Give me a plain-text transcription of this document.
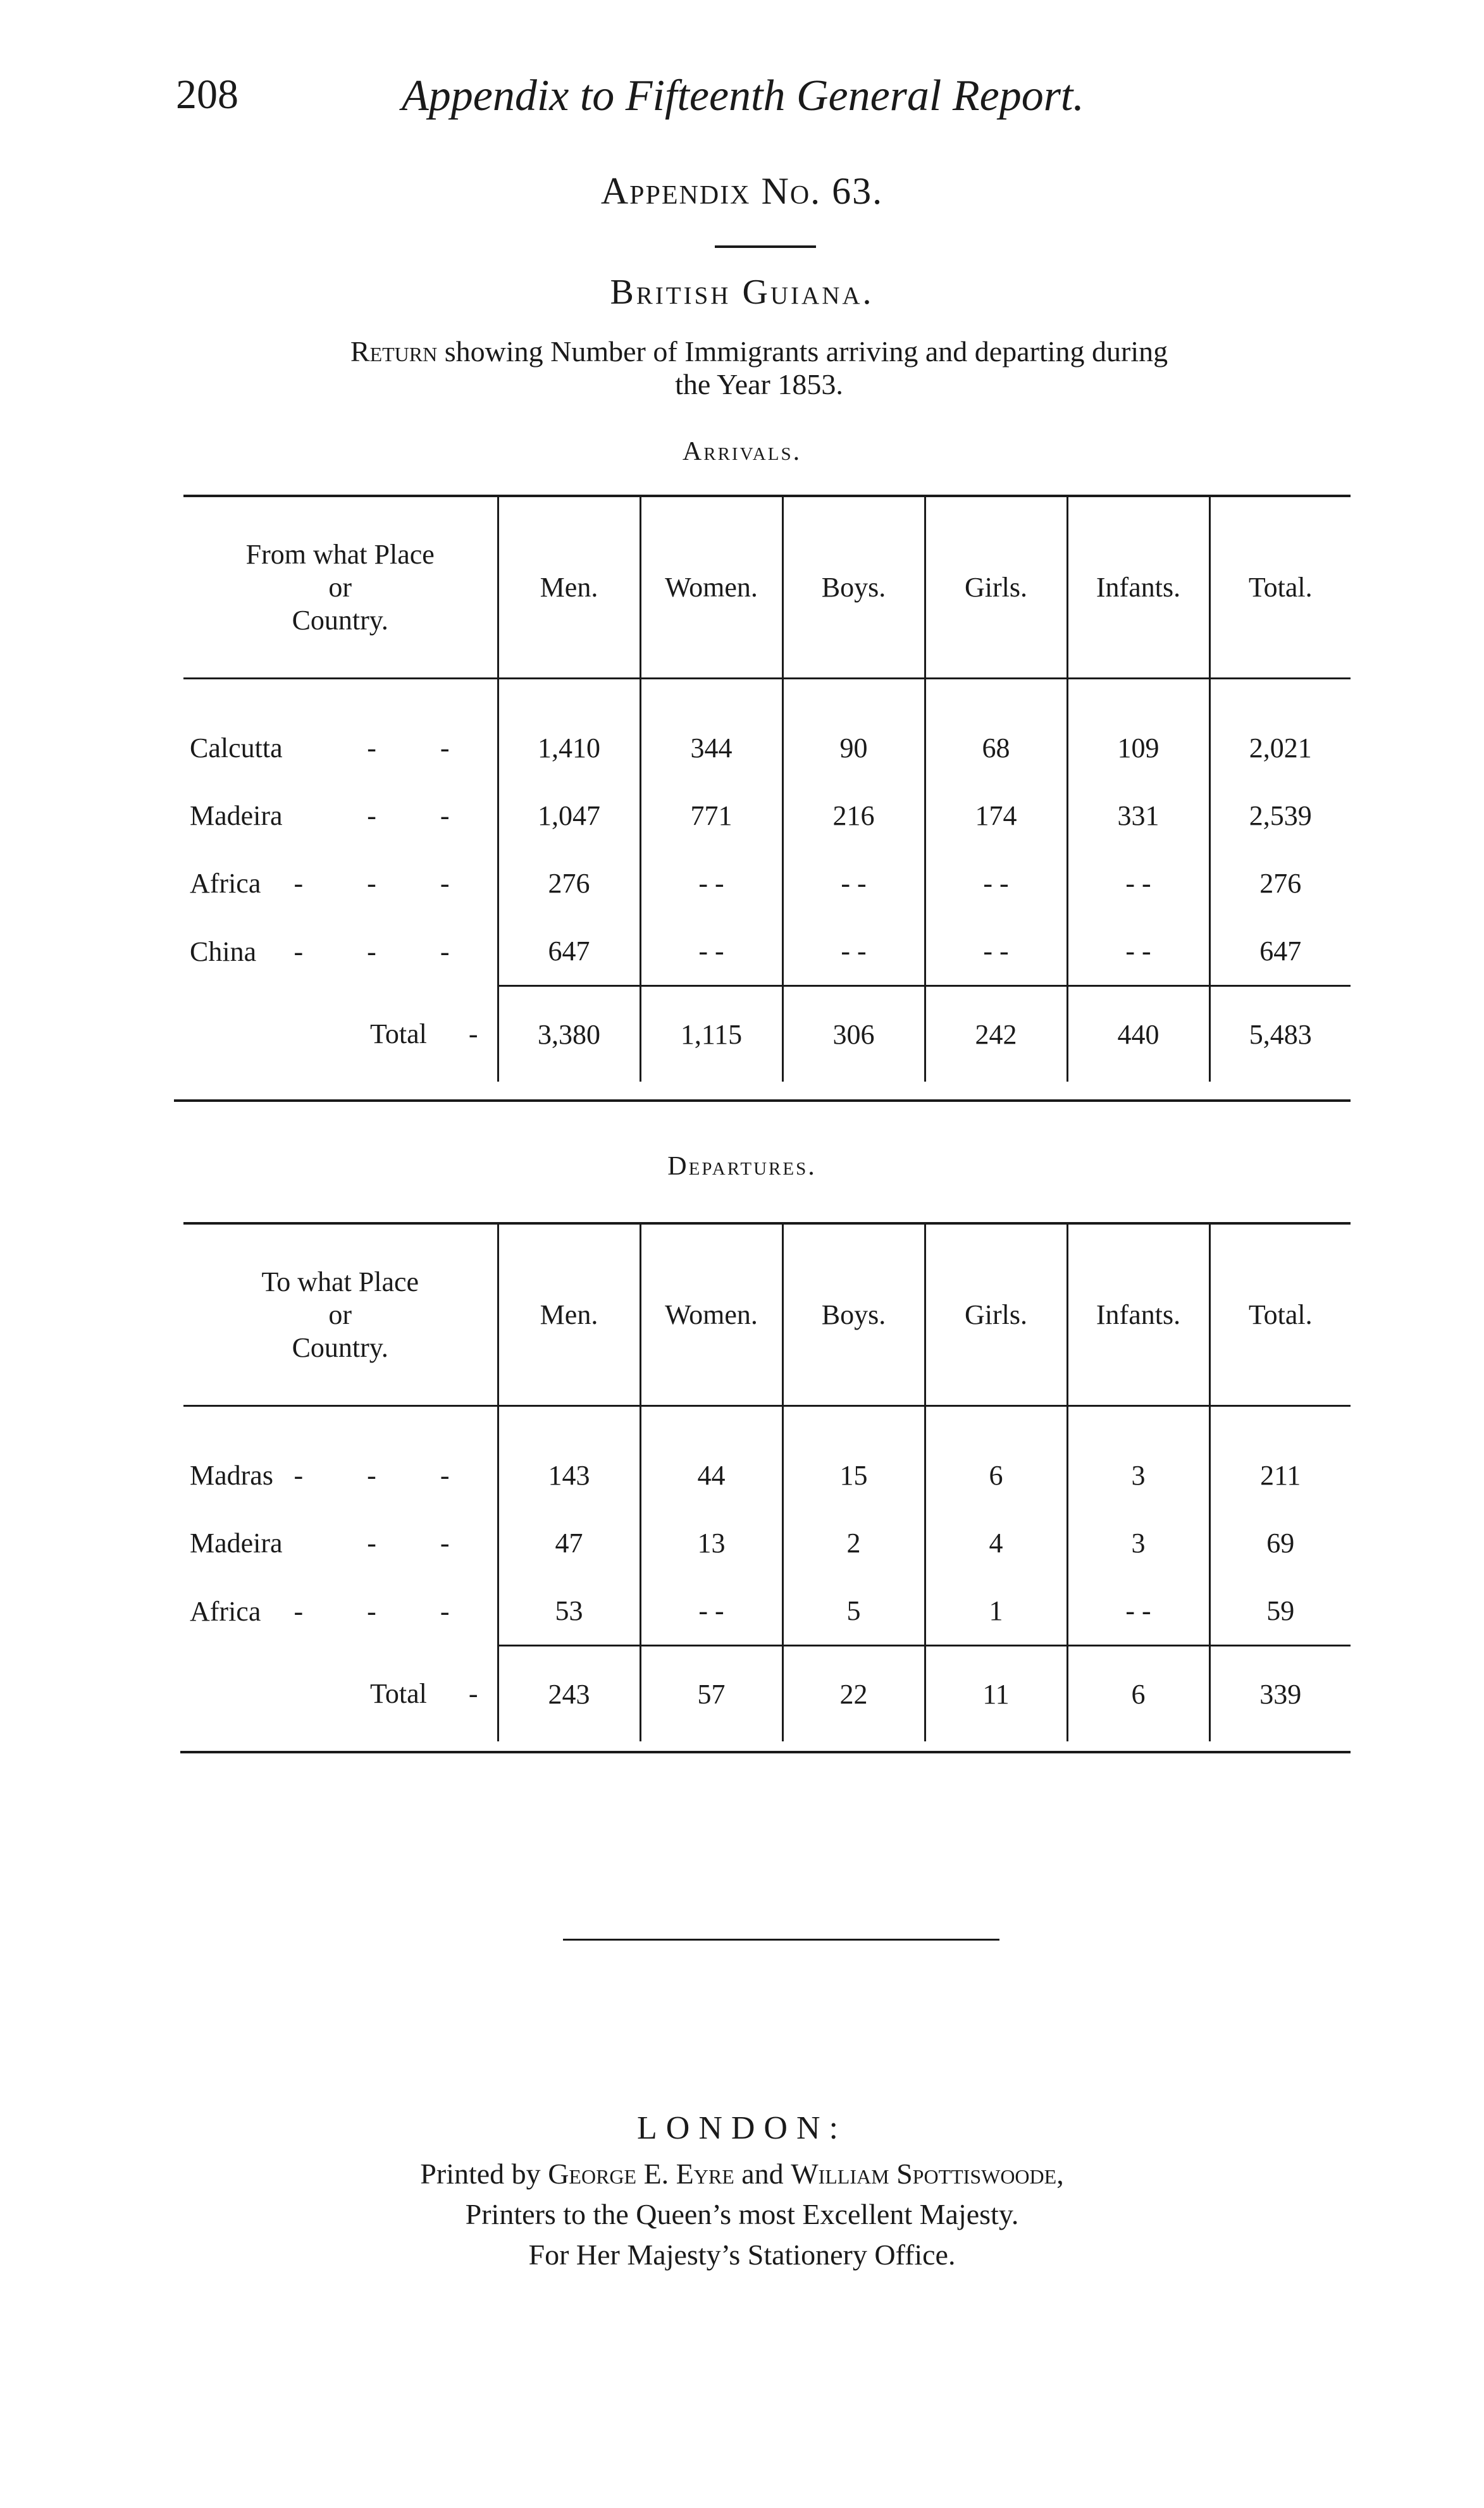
208	Appendix to Fifteenth General Report.
Appendix No. 63.
British Guiana.
Return showing Number of Immigrants arriving and departing during
the Year 1853.
Arrivals.
From what Place
or
Country.	Men.	Women.	Boys.	Girls.	Infants.	Total.

Calcutta - -	1,410	344	90	68	109	2,021
Madeira - -	1,047	771	216	174	331	2,539
Africa - - -	276	- -	- -	- -	- -	276
China - - -	647	- -	- -	- -	- -	647
Total -	3,380	1,115	306	242	440	5,483
Departures.
To what Place
or
Country.	Men.	Women.	Boys.	Girls.	Infants.	Total.

Madras - - -	143	44	15	6	3	211
Madeira - -	47	13	2	4	3	69
Africa - - -	53	- -	5	1	- -	59
Total -	243	57	22	11	6	339
LONDON:
Printed by George E. Eyre and William Spottiswoode,
Printers to the Queen’s most Excellent Majesty.
For Her Majesty’s Stationery Office.
